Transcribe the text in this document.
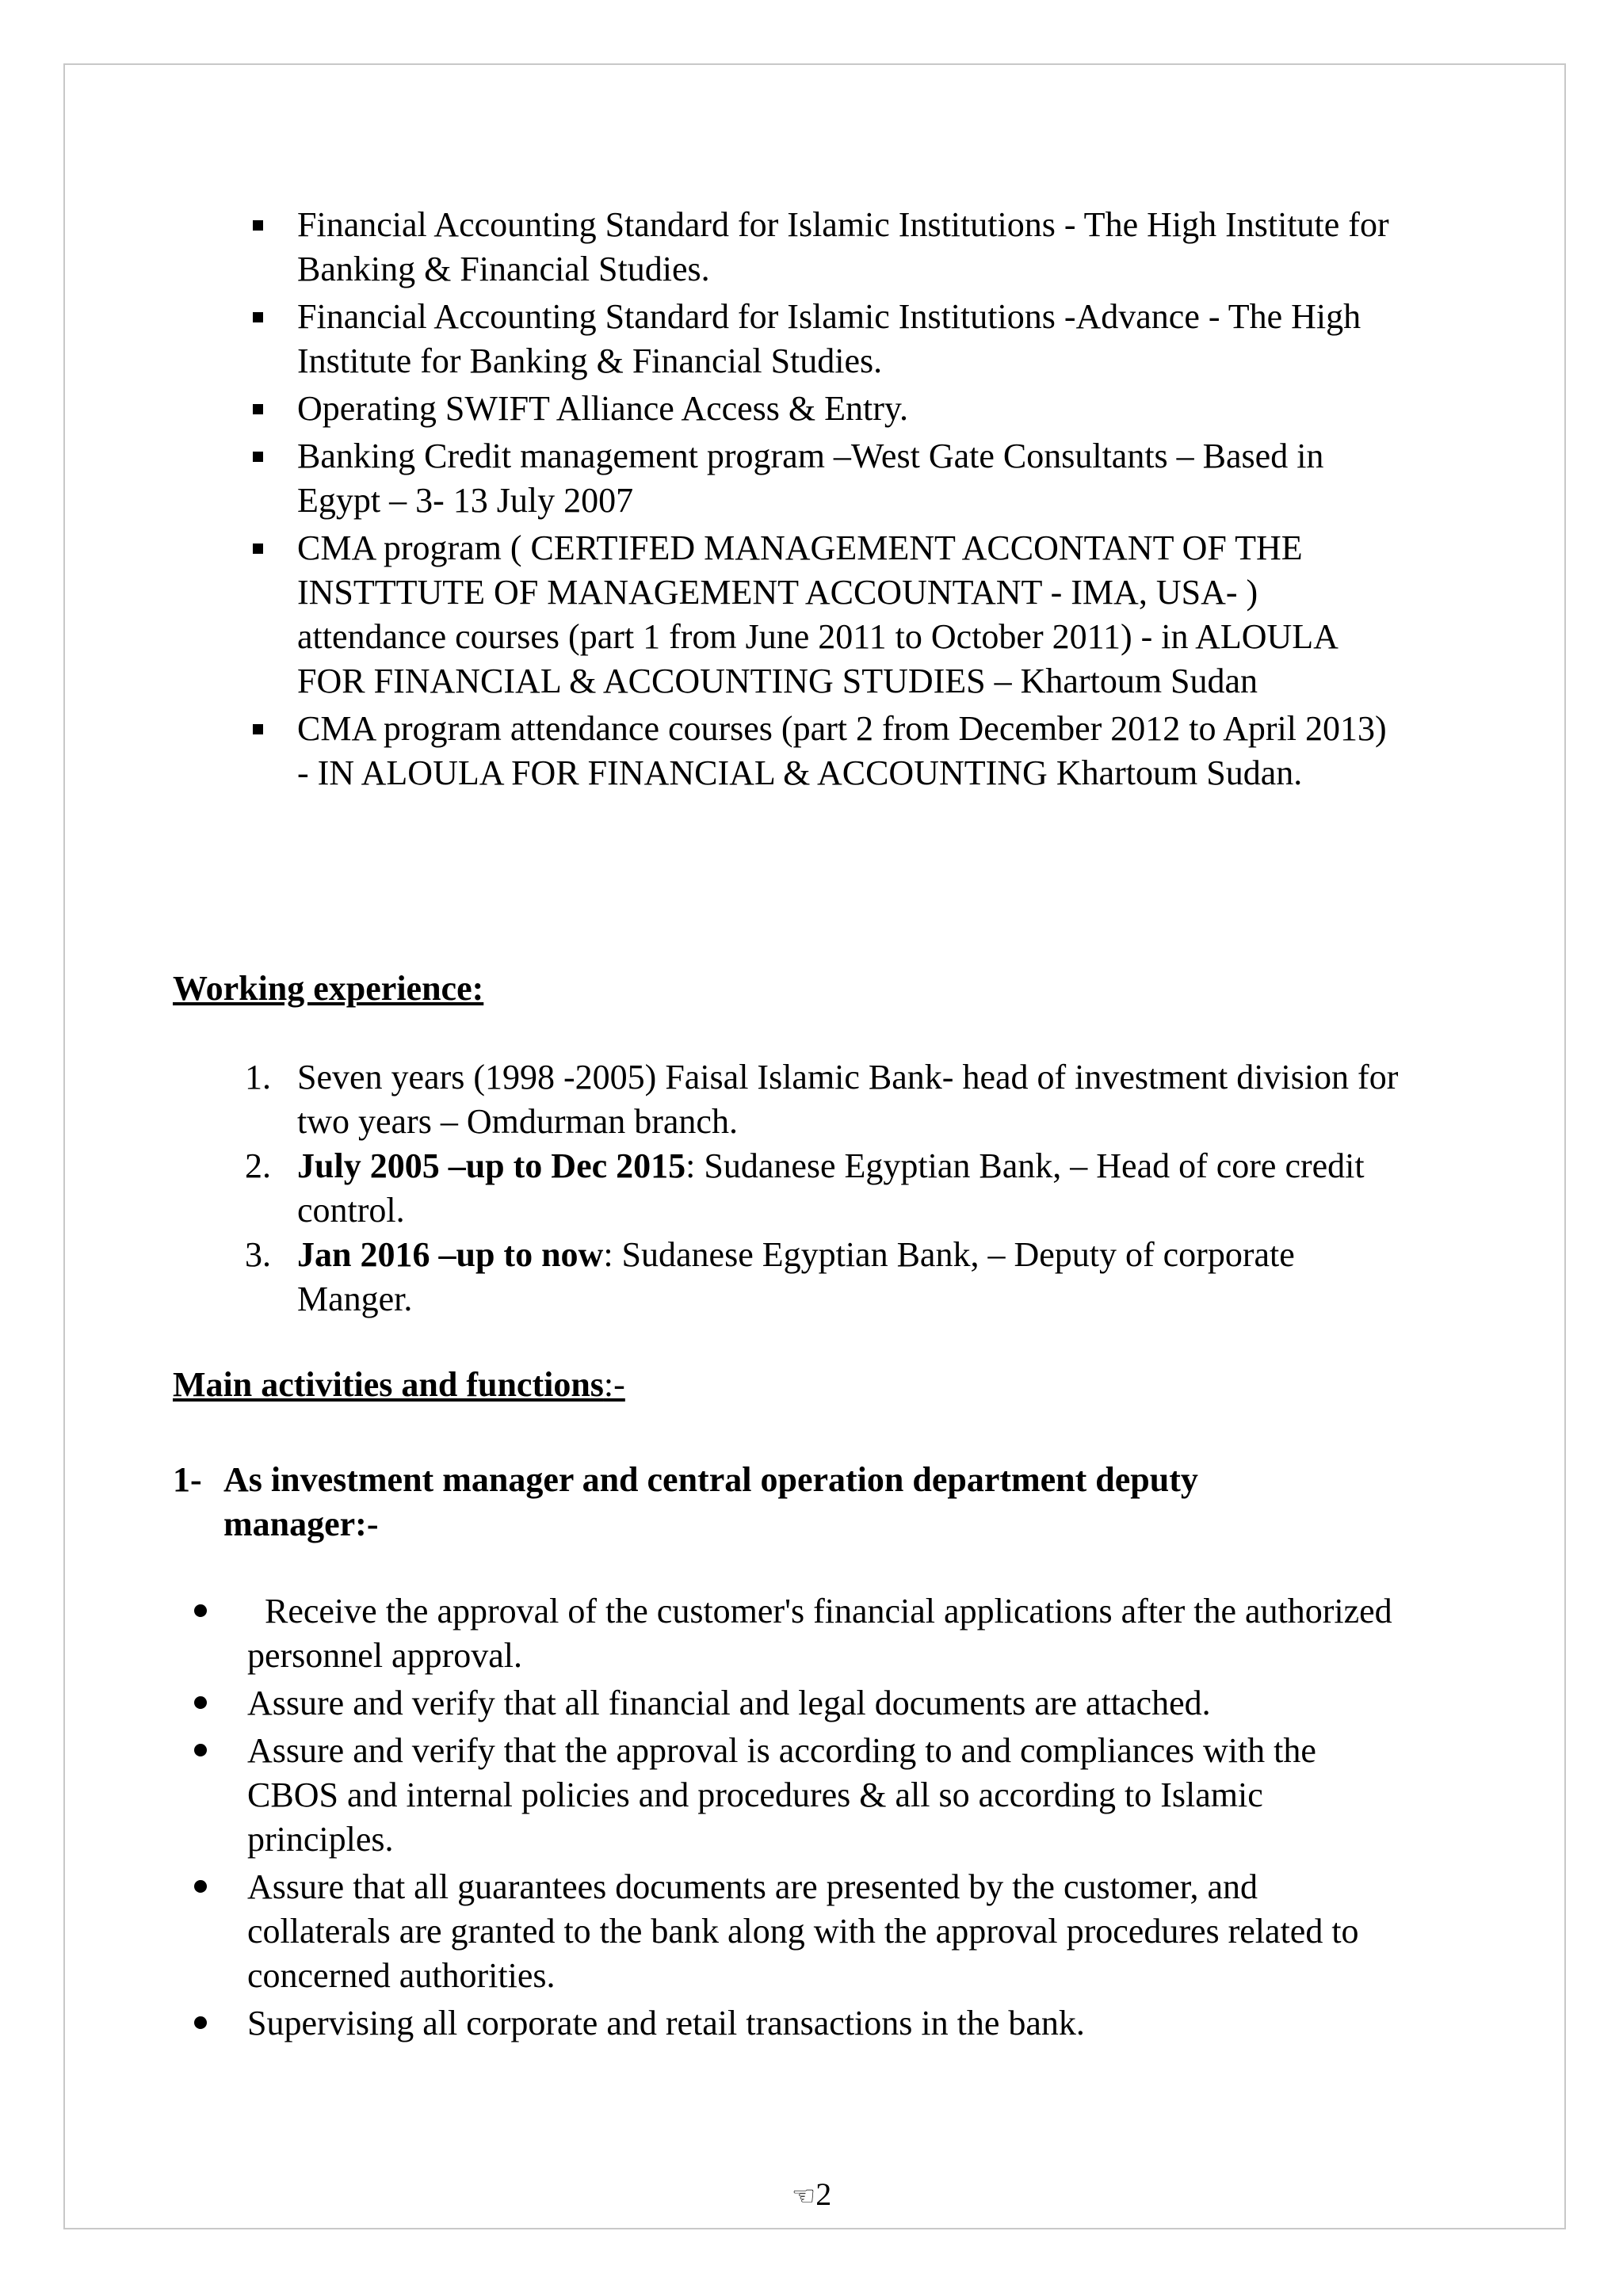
Financial Accounting Standard for Islamic Institutions - The High Institute for Banking & Financial Studies.
Financial Accounting Standard for Islamic Institutions -Advance - The High Institute for Banking & Financial Studies.
Operating SWIFT Alliance Access & Entry.
Banking Credit management program –West Gate Consultants – Based in Egypt – 3- 13 July 2007
CMA program ( CERTIFED MANAGEMENT ACCONTANT OF THE INSTTTUTE OF MANAGEMENT ACCOUNTANT - IMA, USA- ) attendance courses (part 1 from June 2011 to October 2011) - in ALOULA FOR FINANCIAL & ACCOUNTING STUDIES – Khartoum Sudan
CMA program attendance courses (part 2 from December 2012 to April 2013) - IN ALOULA FOR FINANCIAL & ACCOUNTING Khartoum Sudan.
Working experience:
1. Seven years (1998 -2005) Faisal Islamic Bank- head of investment division for two years – Omdurman branch.
2. July 2005 –up to Dec 2015: Sudanese Egyptian Bank, – Head of core credit control.
3. Jan 2016 –up to now: Sudanese Egyptian Bank, – Deputy of corporate Manger.
Main activities and functions:-
1- As investment manager and central operation department deputy manager:-
Receive the approval of the customer's financial applications after the authorized personnel approval.
Assure and verify that all financial and legal documents are attached.
Assure and verify that the approval is according to and compliances with the CBOS and internal policies and procedures & all so according to Islamic principles.
Assure that all guarantees documents are presented by the customer, and collaterals are granted to the bank along with the approval procedures related to concerned authorities.
Supervising all corporate and retail transactions in the bank.
☜2
